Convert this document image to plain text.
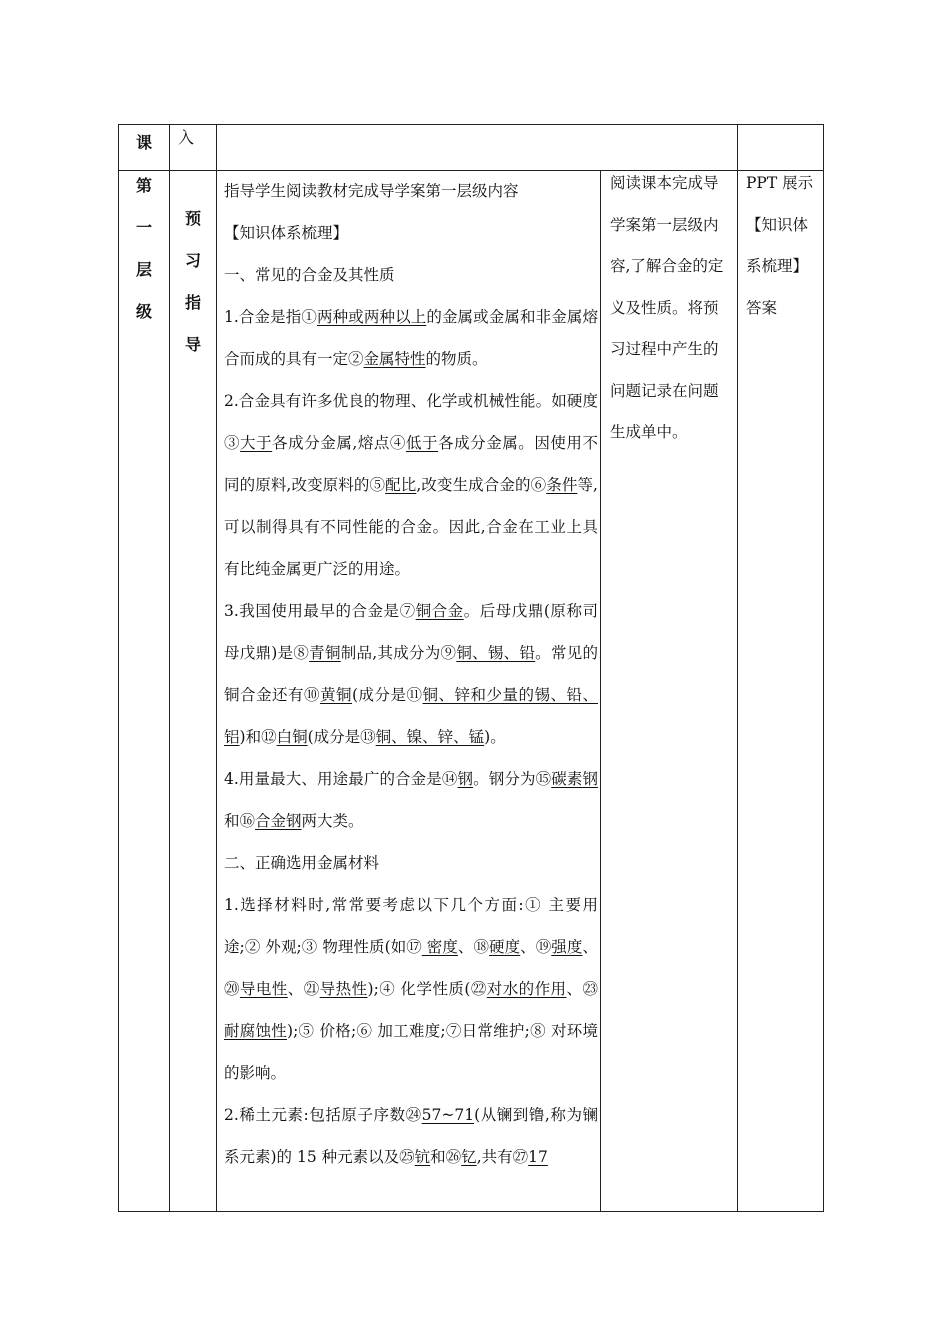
课 入
第
一
层
级
预
习
指
导

指导学生阅读教材完成导学案第一层级内容

【知识体系梳理】

一、常见的合金及其性质

1.合金是指①两种或两种以上的金属或金属和非金属熔合而成的具有一定②金属特性的物质。

2.合金具有许多优良的物理、化学或机械性能。如硬度③大于各成分金属,熔点④低于各成分金属。因使用不同的原料,改变原料的⑤配比,改变生成合金的⑥条件等,可以制得具有不同性能的合金。因此,合金在工业上具有比纯金属更广泛的用途。

3.我国使用最早的合金是⑦铜合金。后母戊鼎(原称司母戊鼎)是⑧青铜制品,其成分为⑨铜、锡、铅。常见的铜合金还有⑩黄铜(成分是⑪铜、锌和少量的锡、铅、铝)和⑫白铜(成分是⑬铜、镍、锌、锰)。

4.用量最大、用途最广的合金是⑭钢。钢分为⑮碳素钢和⑯合金钢两大类。

二、正确选用金属材料

1.选择材料时,常常要考虑以下几个方面:① 主要用途;② 外观;③ 物理性质(如⑰ 密度、⑱硬度、⑲强度、⑳导电性、㉑导热性);④ 化学性质(㉒对水的作用、㉓耐腐蚀性);⑤ 价格;⑥ 加工难度;⑦日常维护;⑧ 对环境的影响。

2.稀土元素:包括原子序数㉔57~71(从镧到镥,称为镧系元素)的 15 种元素以及㉕钪和㉖钇,共有㉗17

阅读课本完成导学案第一层级内容,了解合金的定义及性质。将预习过程中产生的问题记录在问题生成单中。

PPT 展示【知识体系梳理】答案
